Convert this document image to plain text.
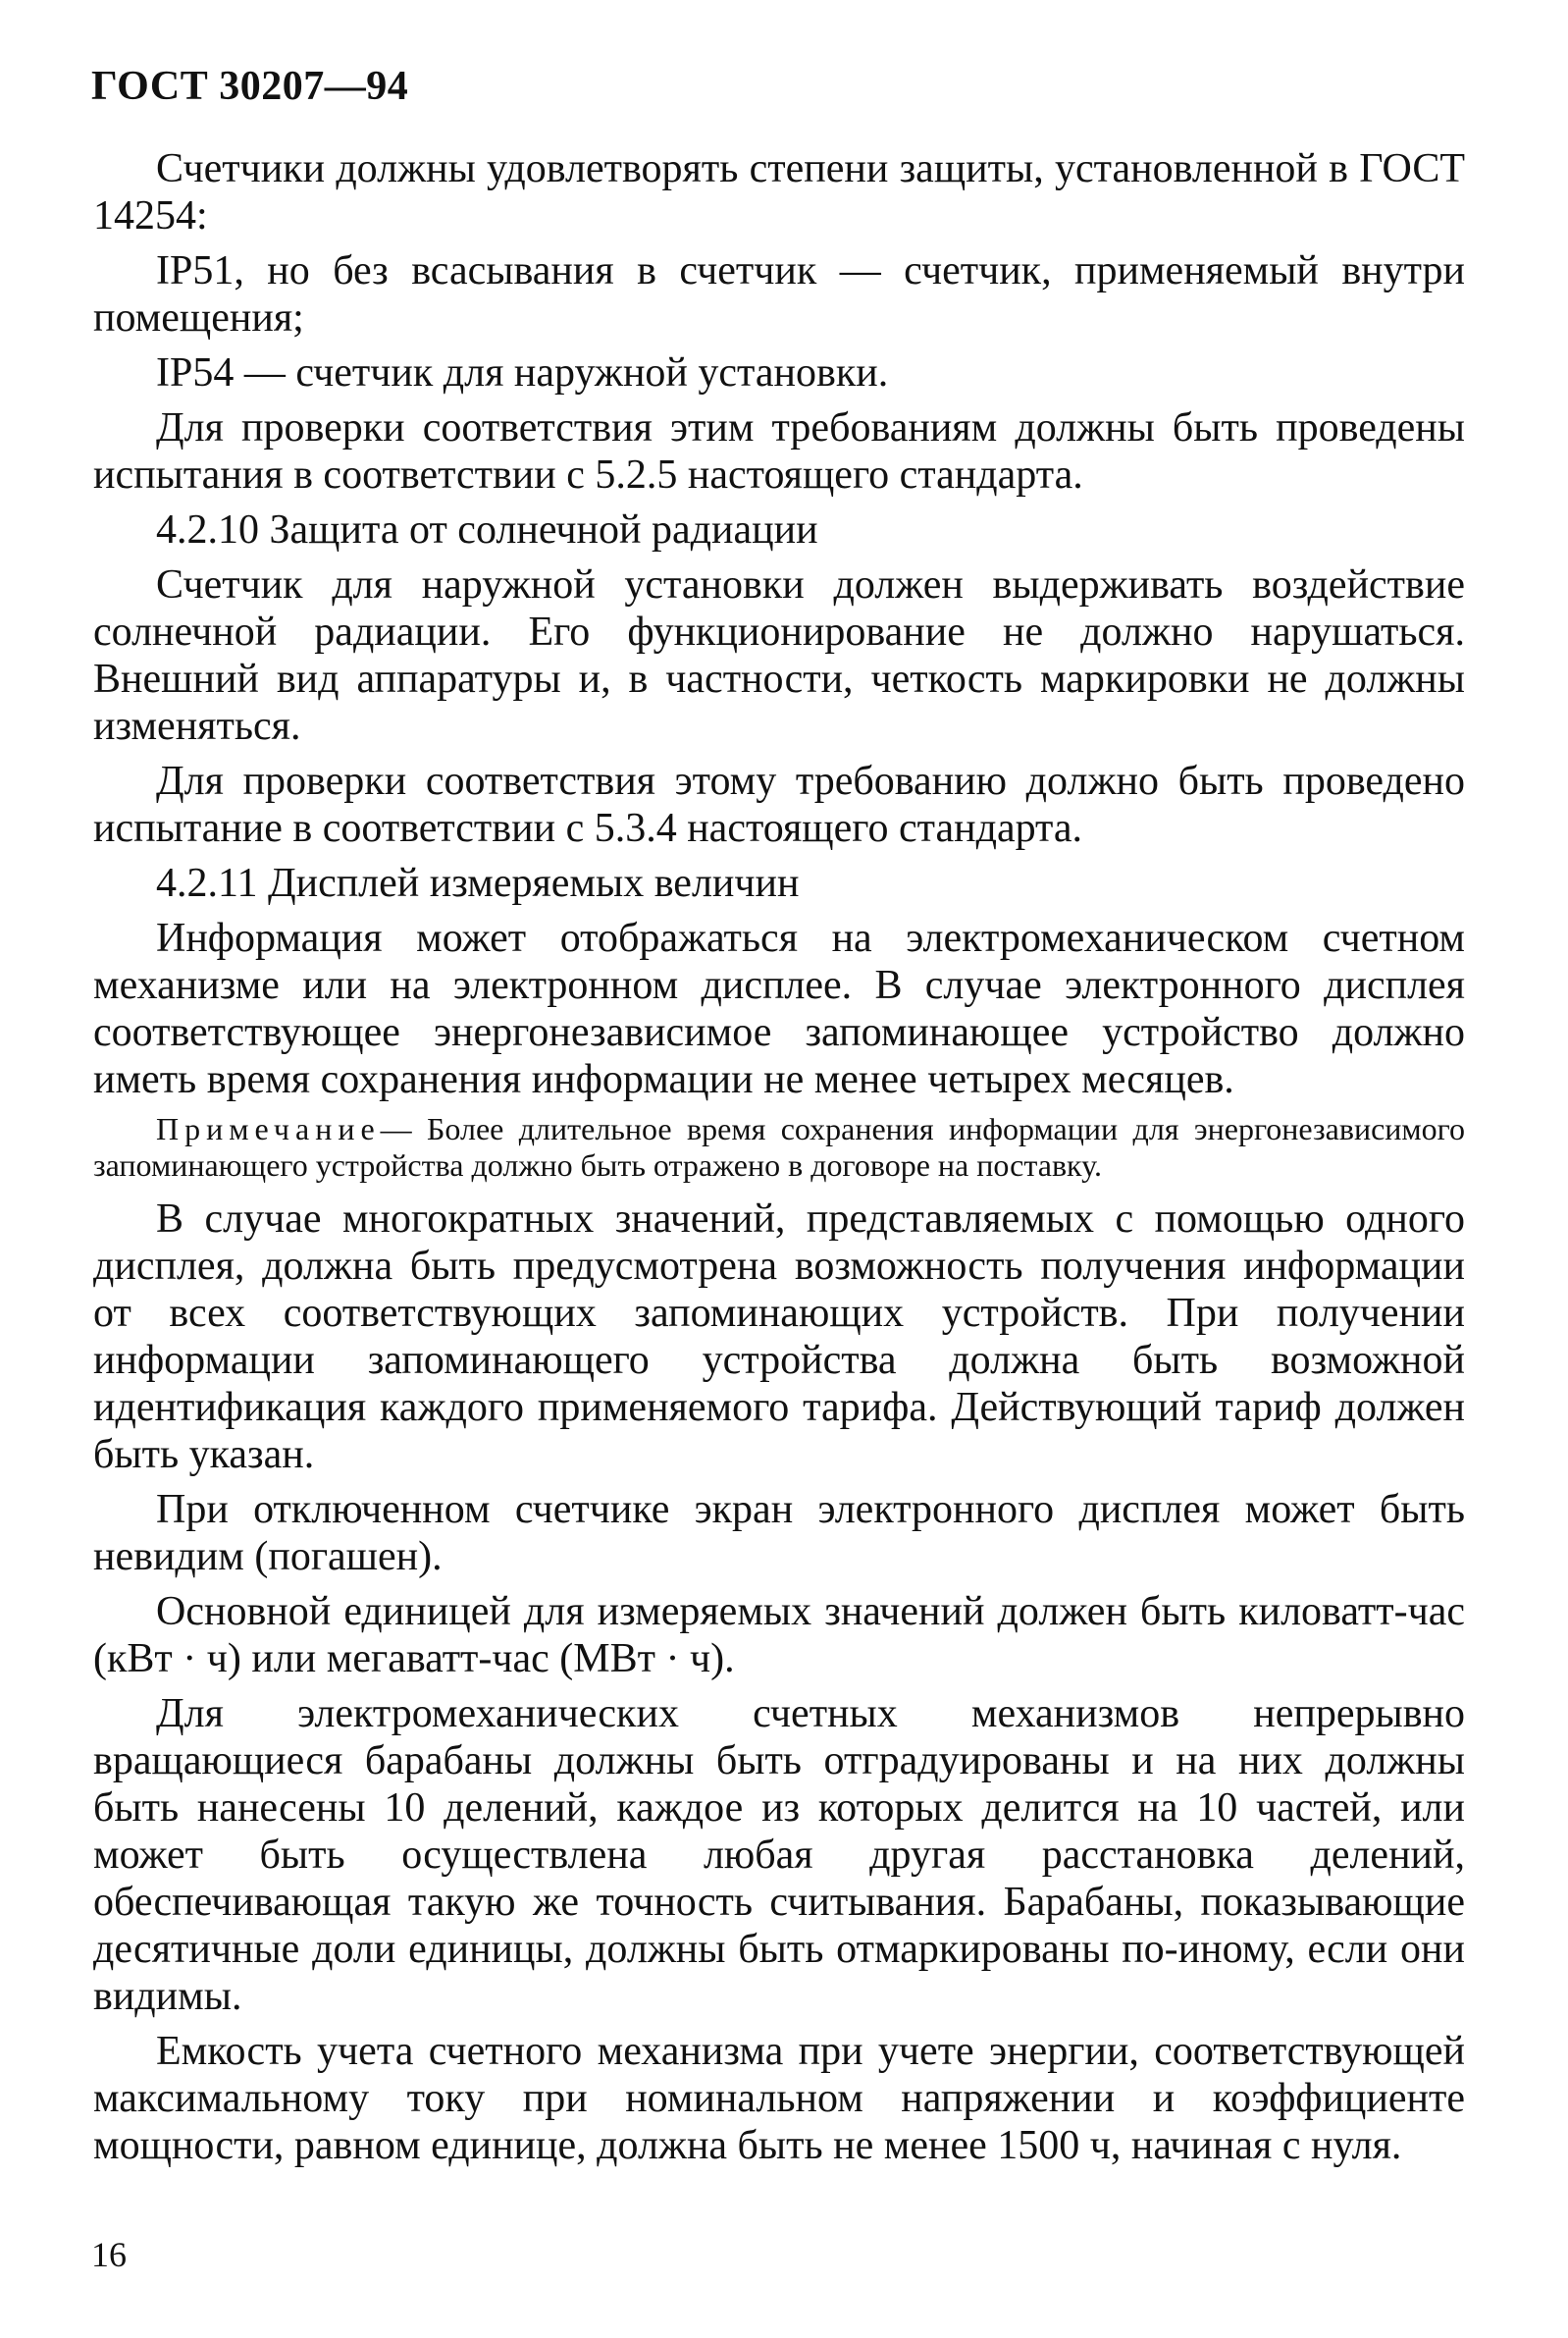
ГОСТ 30207—94

Счетчики должны удовлетворять степени защиты, установленной в ГОСТ 14254:

IP51, но без всасывания в счетчик — счетчик, применяемый внутри помещения;

IP54 — счетчик для наружной установки.

Для проверки соответствия этим требованиям должны быть проведены испытания в соответствии с 5.2.5 настоящего стандарта.

4.2.10 Защита от солнечной радиации

Счетчик для наружной установки должен выдерживать воздействие солнечной радиации. Его функционирование не должно нарушаться. Внешний вид аппаратуры и, в частности, четкость маркировки не должны изменяться.

Для проверки соответствия этому требованию должно быть проведено испытание в соответствии с 5.3.4 настоящего стандарта.

4.2.11 Дисплей измеряемых величин

Информация может отображаться на электромеханическом счетном механизме или на электронном дисплее. В случае электронного дисплея соответствующее энергонезависимое запоминающее устройство должно иметь время сохранения информации не менее четырех месяцев.

Примечание— Более длительное время сохранения информации для энергонезависимого запоминающего устройства должно быть отражено в договоре на поставку.

В случае многократных значений, представляемых с помощью одного дисплея, должна быть предусмотрена возможность получения информации от всех соответствующих запоминающих устройств. При получении информации запоминающего устройства должна быть возможной идентификация каждого применяемого тарифа. Действующий тариф должен быть указан.

При отключенном счетчике экран электронного дисплея может быть невидим (погашен).

Основной единицей для измеряемых значений должен быть киловатт-час (кВт · ч) или мегаватт-час (МВт · ч).

Для электромеханических счетных механизмов непрерывно вращающиеся барабаны должны быть отградуированы и на них должны быть нанесены 10 делений, каждое из которых делится на 10 частей, или может быть осуществлена любая другая расстановка делений, обеспечивающая такую же точность считывания. Барабаны, показывающие десятичные доли единицы, должны быть отмаркированы по-иному, если они видимы.

Емкость учета счетного механизма при учете энергии, соответствующей максимальному току при номинальном напряжении и коэффициенте мощности, равном единице, должна быть не менее 1500 ч, начиная с нуля.

16
